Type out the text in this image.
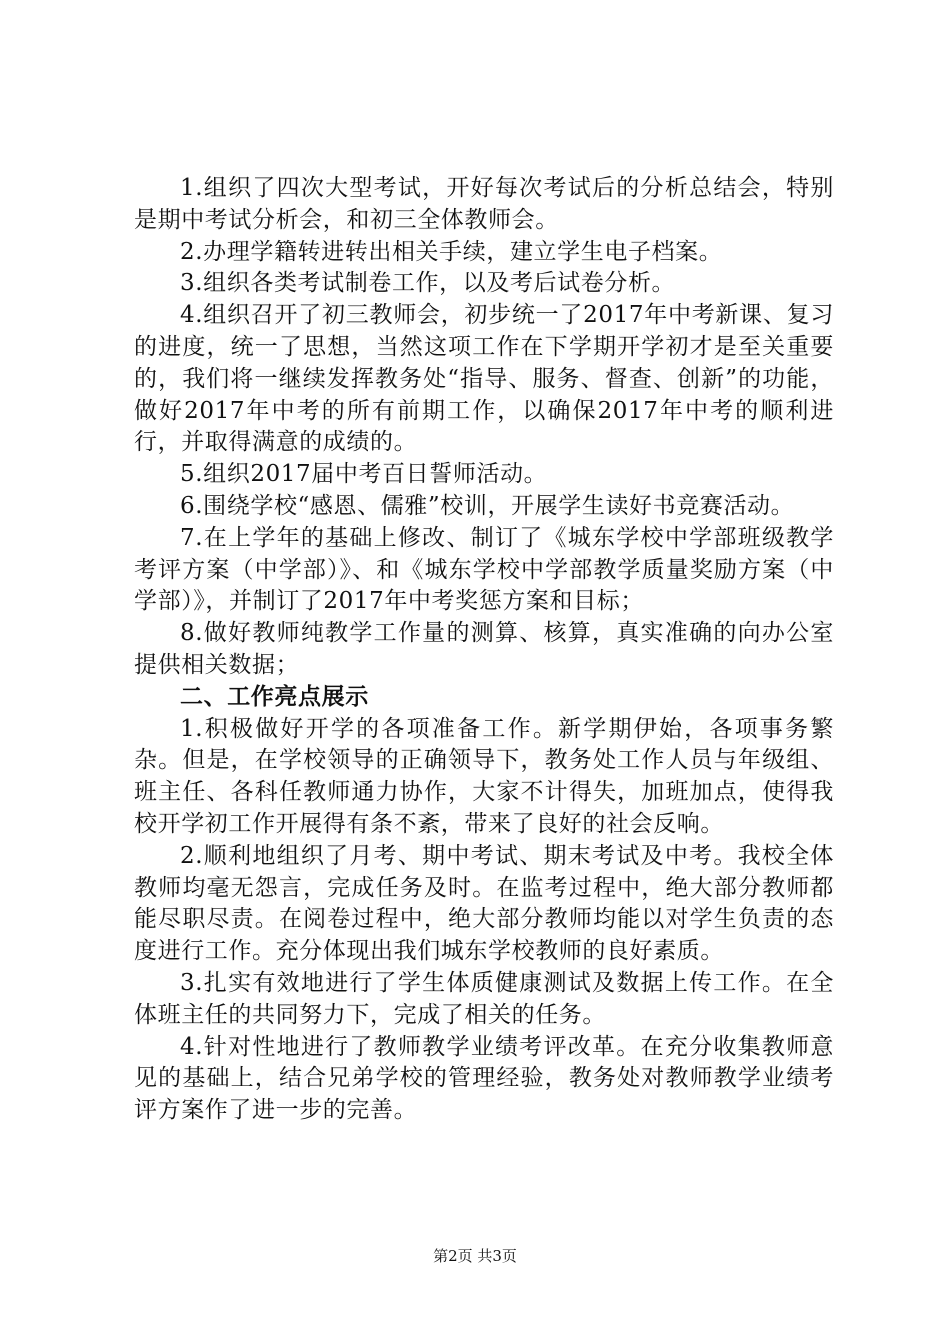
1.组织了四次大型考试，开好每次考试后的分析总结会，特别是期中考试分析会，和初三全体教师会。

2.办理学籍转进转出相关手续，建立学生电子档案。

3.组织各类考试制卷工作，以及考后试卷分析。

4.组织召开了初三教师会，初步统一了2017年中考新课、复习的进度，统一了思想，当然这项工作在下学期开学初才是至关重要的，我们将一继续发挥教务处“指导、服务、督查、创新”的功能，做好2017年中考的所有前期工作，以确保2017年中考的顺利进行，并取得满意的成绩的。

5.组织2017届中考百日誓师活动。

6.围绕学校“感恩、儒雅”校训，开展学生读好书竞赛活动。

7.在上学年的基础上修改、制订了《城东学校中学部班级教学考评方案（中学部）》、和《城东学校中学部教学质量奖励方案（中学部）》，并制订了2017年中考奖惩方案和目标；

8.做好教师纯教学工作量的测算、核算，真实准确的向办公室提供相关数据；

二、工作亮点展示

1.积极做好开学的各项准备工作。新学期伊始，各项事务繁杂。但是，在学校领导的正确领导下，教务处工作人员与年级组、班主任、各科任教师通力协作，大家不计得失，加班加点，使得我校开学初工作开展得有条不紊，带来了良好的社会反响。

2.顺利地组织了月考、期中考试、期末考试及中考。我校全体教师均毫无怨言，完成任务及时。在监考过程中，绝大部分教师都能尽职尽责。在阅卷过程中，绝大部分教师均能以对学生负责的态度进行工作。充分体现出我们城东学校教师的良好素质。

3.扎实有效地进行了学生体质健康测试及数据上传工作。在全体班主任的共同努力下，完成了相关的任务。

4.针对性地进行了教师教学业绩考评改革。在充分收集教师意见的基础上，结合兄弟学校的管理经验，教务处对教师教学业绩考评方案作了进一步的完善。

第2页 共3页
